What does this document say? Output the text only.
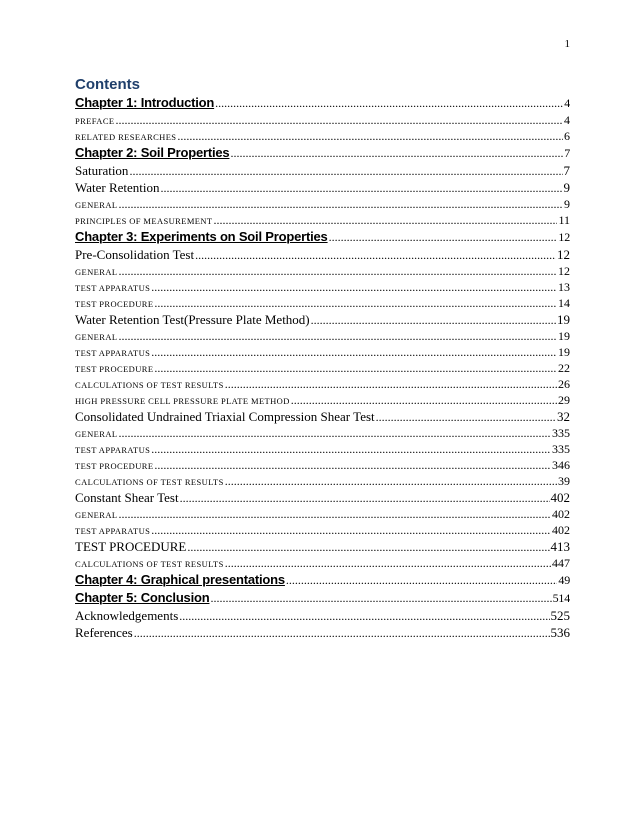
1
Contents
Chapter 1: Introduction .....	4
PREFACE .....	4
RELATED RESEARCHES .....	6
Chapter 2: Soil Properties .....	7
Saturation .....	7
Water Retention .....	9
GENERAL .....	9
PRINCIPLES OF MEASUREMENT .....	11
Chapter 3: Experiments on Soil Properties .....	12
Pre-Consolidation Test .....	12
GENERAL .....	12
TEST APPARATUS .....	13
TEST PROCEDURE .....	14
Water Retention Test(Pressure Plate Method) .....	19
GENERAL .....	19
TEST APPARATUS .....	19
TEST PROCEDURE .....	22
CALCULATIONS OF TEST RESULTS .....	26
HIGH PRESSURE CELL PRESSURE PLATE METHOD .....	29
Consolidated Undrained Triaxial Compression Shear Test .....	32
GENERAL .....	335
TEST APPARATUS .....	335
TEST PROCEDURE .....	346
CALCULATIONS OF TEST RESULTS .....	39
Constant Shear Test .....	402
GENERAL .....	402
TEST APPARATUS .....	402
TEST PROCEDURE .....	413
CALCULATIONS OF TEST RESULTS .....	447
Chapter 4: Graphical presentations .....	49
Chapter 5: Conclusion .....	514
Acknowledgements .....	525
References .....	536
